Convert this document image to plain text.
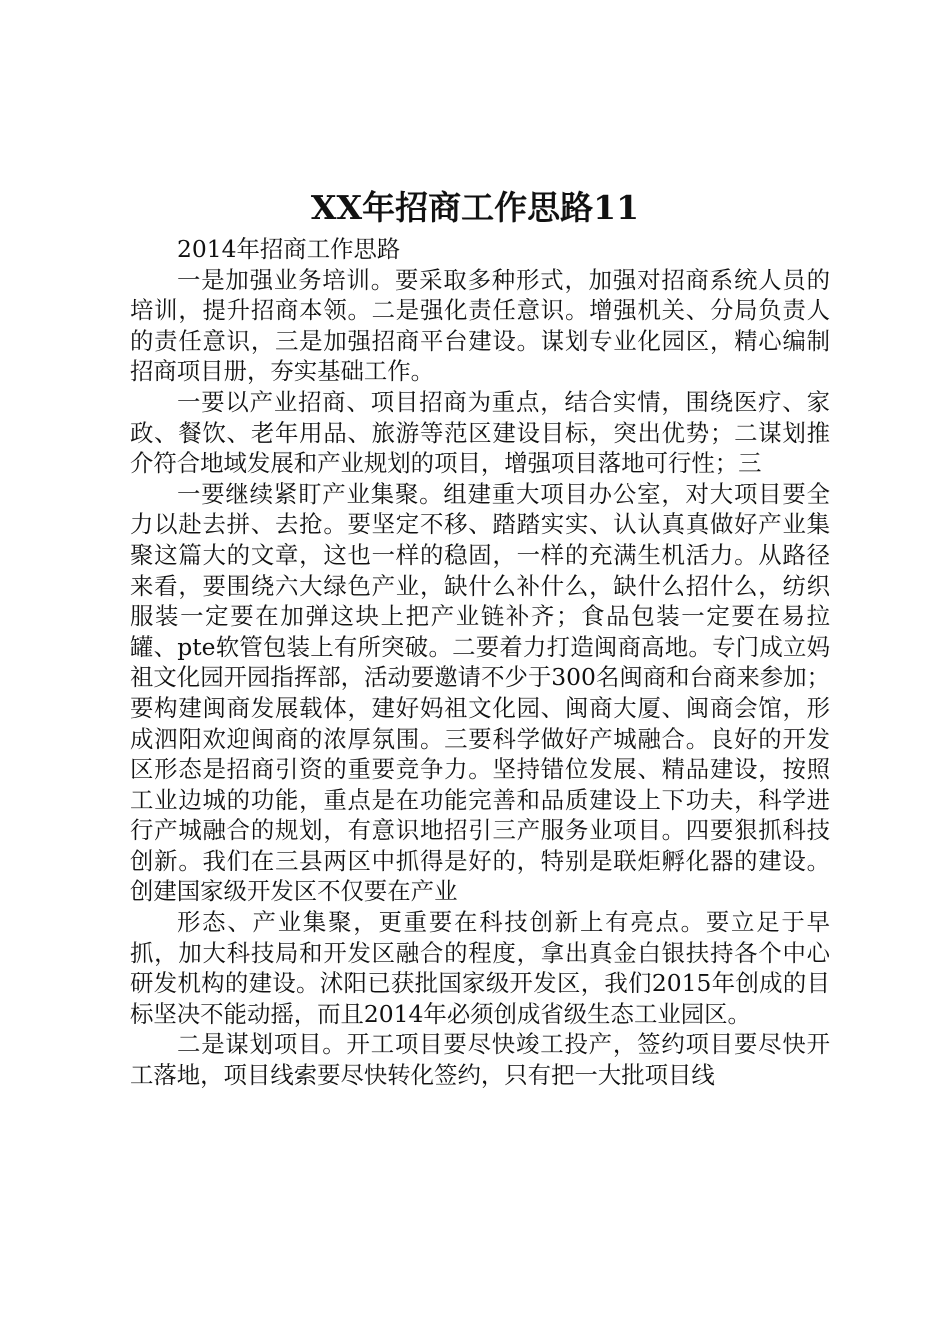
XX年招商工作思路11

2014年招商工作思路

一是加强业务培训。要采取多种形式，加强对招商系统人员的培训，提升招商本领。二是强化责任意识。增强机关、分局负责人的责任意识，三是加强招商平台建设。谋划专业化园区，精心编制招商项目册，夯实基础工作。

一要以产业招商、项目招商为重点，结合实情，围绕医疗、家政、餐饮、老年用品、旅游等范区建设目标，突出优势；二谋划推介符合地域发展和产业规划的项目，增强项目落地可行性；三

一要继续紧盯产业集聚。组建重大项目办公室，对大项目要全力以赴去拼、去抢。要坚定不移、踏踏实实、认认真真做好产业集聚这篇大的文章，这也一样的稳固，一样的充满生机活力。从路径来看，要围绕六大绿色产业，缺什么补什么，缺什么招什么，纺织服装一定要在加弹这块上把产业链补齐；食品包装一定要在易拉罐、pte软管包装上有所突破。二要着力打造闽商高地。专门成立妈祖文化园开园指挥部，活动要邀请不少于300名闽商和台商来参加；要构建闽商发展载体，建好妈祖文化园、闽商大厦、闽商会馆，形成泗阳欢迎闽商的浓厚氛围。三要科学做好产城融合。良好的开发区形态是招商引资的重要竞争力。坚持错位发展、精品建设，按照工业边城的功能，重点是在功能完善和品质建设上下功夫，科学进行产城融合的规划，有意识地招引三产服务业项目。四要狠抓科技创新。我们在三县两区中抓得是好的，特别是联炬孵化器的建设。创建国家级开发区不仅要在产业

形态、产业集聚，更重要在科技创新上有亮点。要立足于早抓，加大科技局和开发区融合的程度，拿出真金白银扶持各个中心研发机构的建设。沭阳已获批国家级开发区，我们2015年创成的目标坚决不能动摇，而且2014年必须创成省级生态工业园区。

二是谋划项目。开工项目要尽快竣工投产，签约项目要尽快开工落地，项目线索要尽快转化签约，只有把一大批项目线
